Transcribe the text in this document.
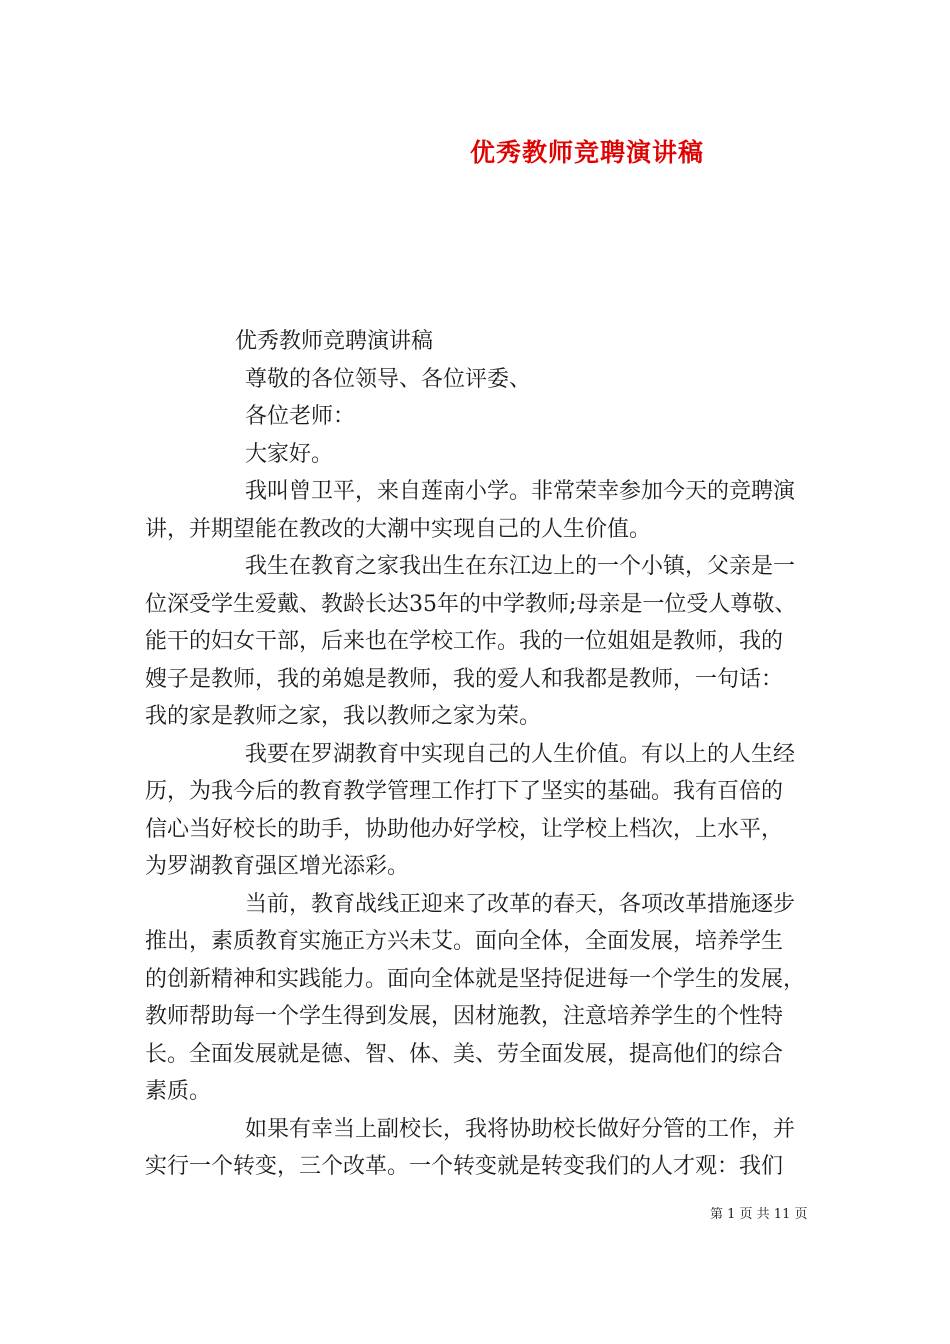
优秀教师竞聘演讲稿
优秀教师竞聘演讲稿
尊敬的各位领导、各位评委、
各位老师：
大家好。
我叫曾卫平，来自莲南小学。非常荣幸参加今天的竞聘演
讲，并期望能在教改的大潮中实现自己的人生价值。
我生在教育之家我出生在东江边上的一个小镇，父亲是一
位深受学生爱戴、教龄长达35年的中学教师;母亲是一位受人尊敬、
能干的妇女干部，后来也在学校工作。我的一位姐姐是教师，我的
嫂子是教师，我的弟媳是教师，我的爱人和我都是教师，一句话：
我的家是教师之家，我以教师之家为荣。
我要在罗湖教育中实现自己的人生价值。有以上的人生经
历，为我今后的教育教学管理工作打下了坚实的基础。我有百倍的
信心当好校长的助手，协助他办好学校，让学校上档次，上水平，
为罗湖教育强区增光添彩。
当前，教育战线正迎来了改革的春天，各项改革措施逐步
推出，素质教育实施正方兴未艾。面向全体，全面发展，培养学生
的创新精神和实践能力。面向全体就是坚持促进每一个学生的发展，
教师帮助每一个学生得到发展，因材施教，注意培养学生的个性特
长。全面发展就是德、智、体、美、劳全面发展，提高他们的综合
素质。
如果有幸当上副校长，我将协助校长做好分管的工作，并
实行一个转变，三个改革。一个转变就是转变我们的人才观：我们
第 1 页 共 11 页
